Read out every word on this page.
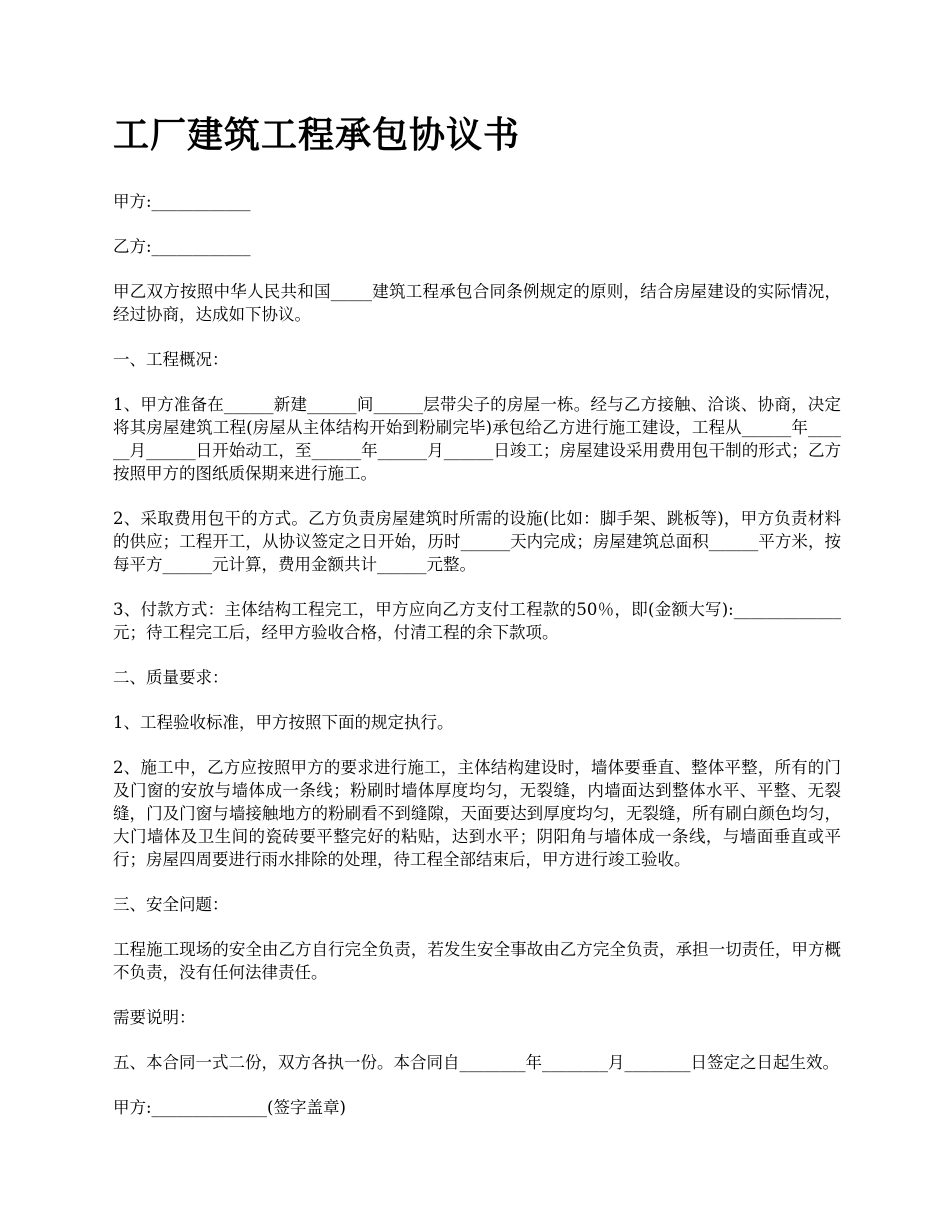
工厂建筑工程承包协议书

甲方:____________

乙方:____________

甲乙双方按照中华人民共和国_____建筑工程承包合同条例规定的原则，结合房屋建设的实际情况，经过协商，达成如下协议。

一、工程概况：

1、甲方准备在______新建______间______层带尖子的房屋一栋。经与乙方接触、洽谈、协商，决定将其房屋建筑工程(房屋从主体结构开始到粉刷完毕)承包给乙方进行施工建设，工程从______年______月______日开始动工，至______年______月______日竣工；房屋建设采用费用包干制的形式；乙方按照甲方的图纸质保期来进行施工。

2、采取费用包干的方式。乙方负责房屋建筑时所需的设施(比如：脚手架、跳板等)，甲方负责材料的供应；工程开工，从协议签定之日开始，历时______天内完成；房屋建筑总面积______平方米，按每平方______元计算，费用金额共计______元整。

3、付款方式：主体结构工程完工，甲方应向乙方支付工程款的50％，即(金额大写):_____________元；待工程完工后，经甲方验收合格，付清工程的余下款项。

二、质量要求：

1、工程验收标准，甲方按照下面的规定执行。

2、施工中，乙方应按照甲方的要求进行施工，主体结构建设时，墙体要垂直、整体平整，所有的门及门窗的安放与墙体成一条线；粉刷时墙体厚度均匀，无裂缝，内墙面达到整体水平、平整、无裂缝，门及门窗与墙接触地方的粉刷看不到缝隙，天面要达到厚度均匀，无裂缝，所有刷白颜色均匀，大门墙体及卫生间的瓷砖要平整完好的粘贴，达到水平；阴阳角与墙体成一条线，与墙面垂直或平行；房屋四周要进行雨水排除的处理，待工程全部结束后，甲方进行竣工验收。

三、安全问题：

工程施工现场的安全由乙方自行完全负责，若发生安全事故由乙方完全负责，承担一切责任，甲方概不负责，没有任何法律责任。

需要说明：

五、本合同一式二份，双方各执一份。本合同自________年________月________日签定之日起生效。

甲方:______________(签字盖章)
